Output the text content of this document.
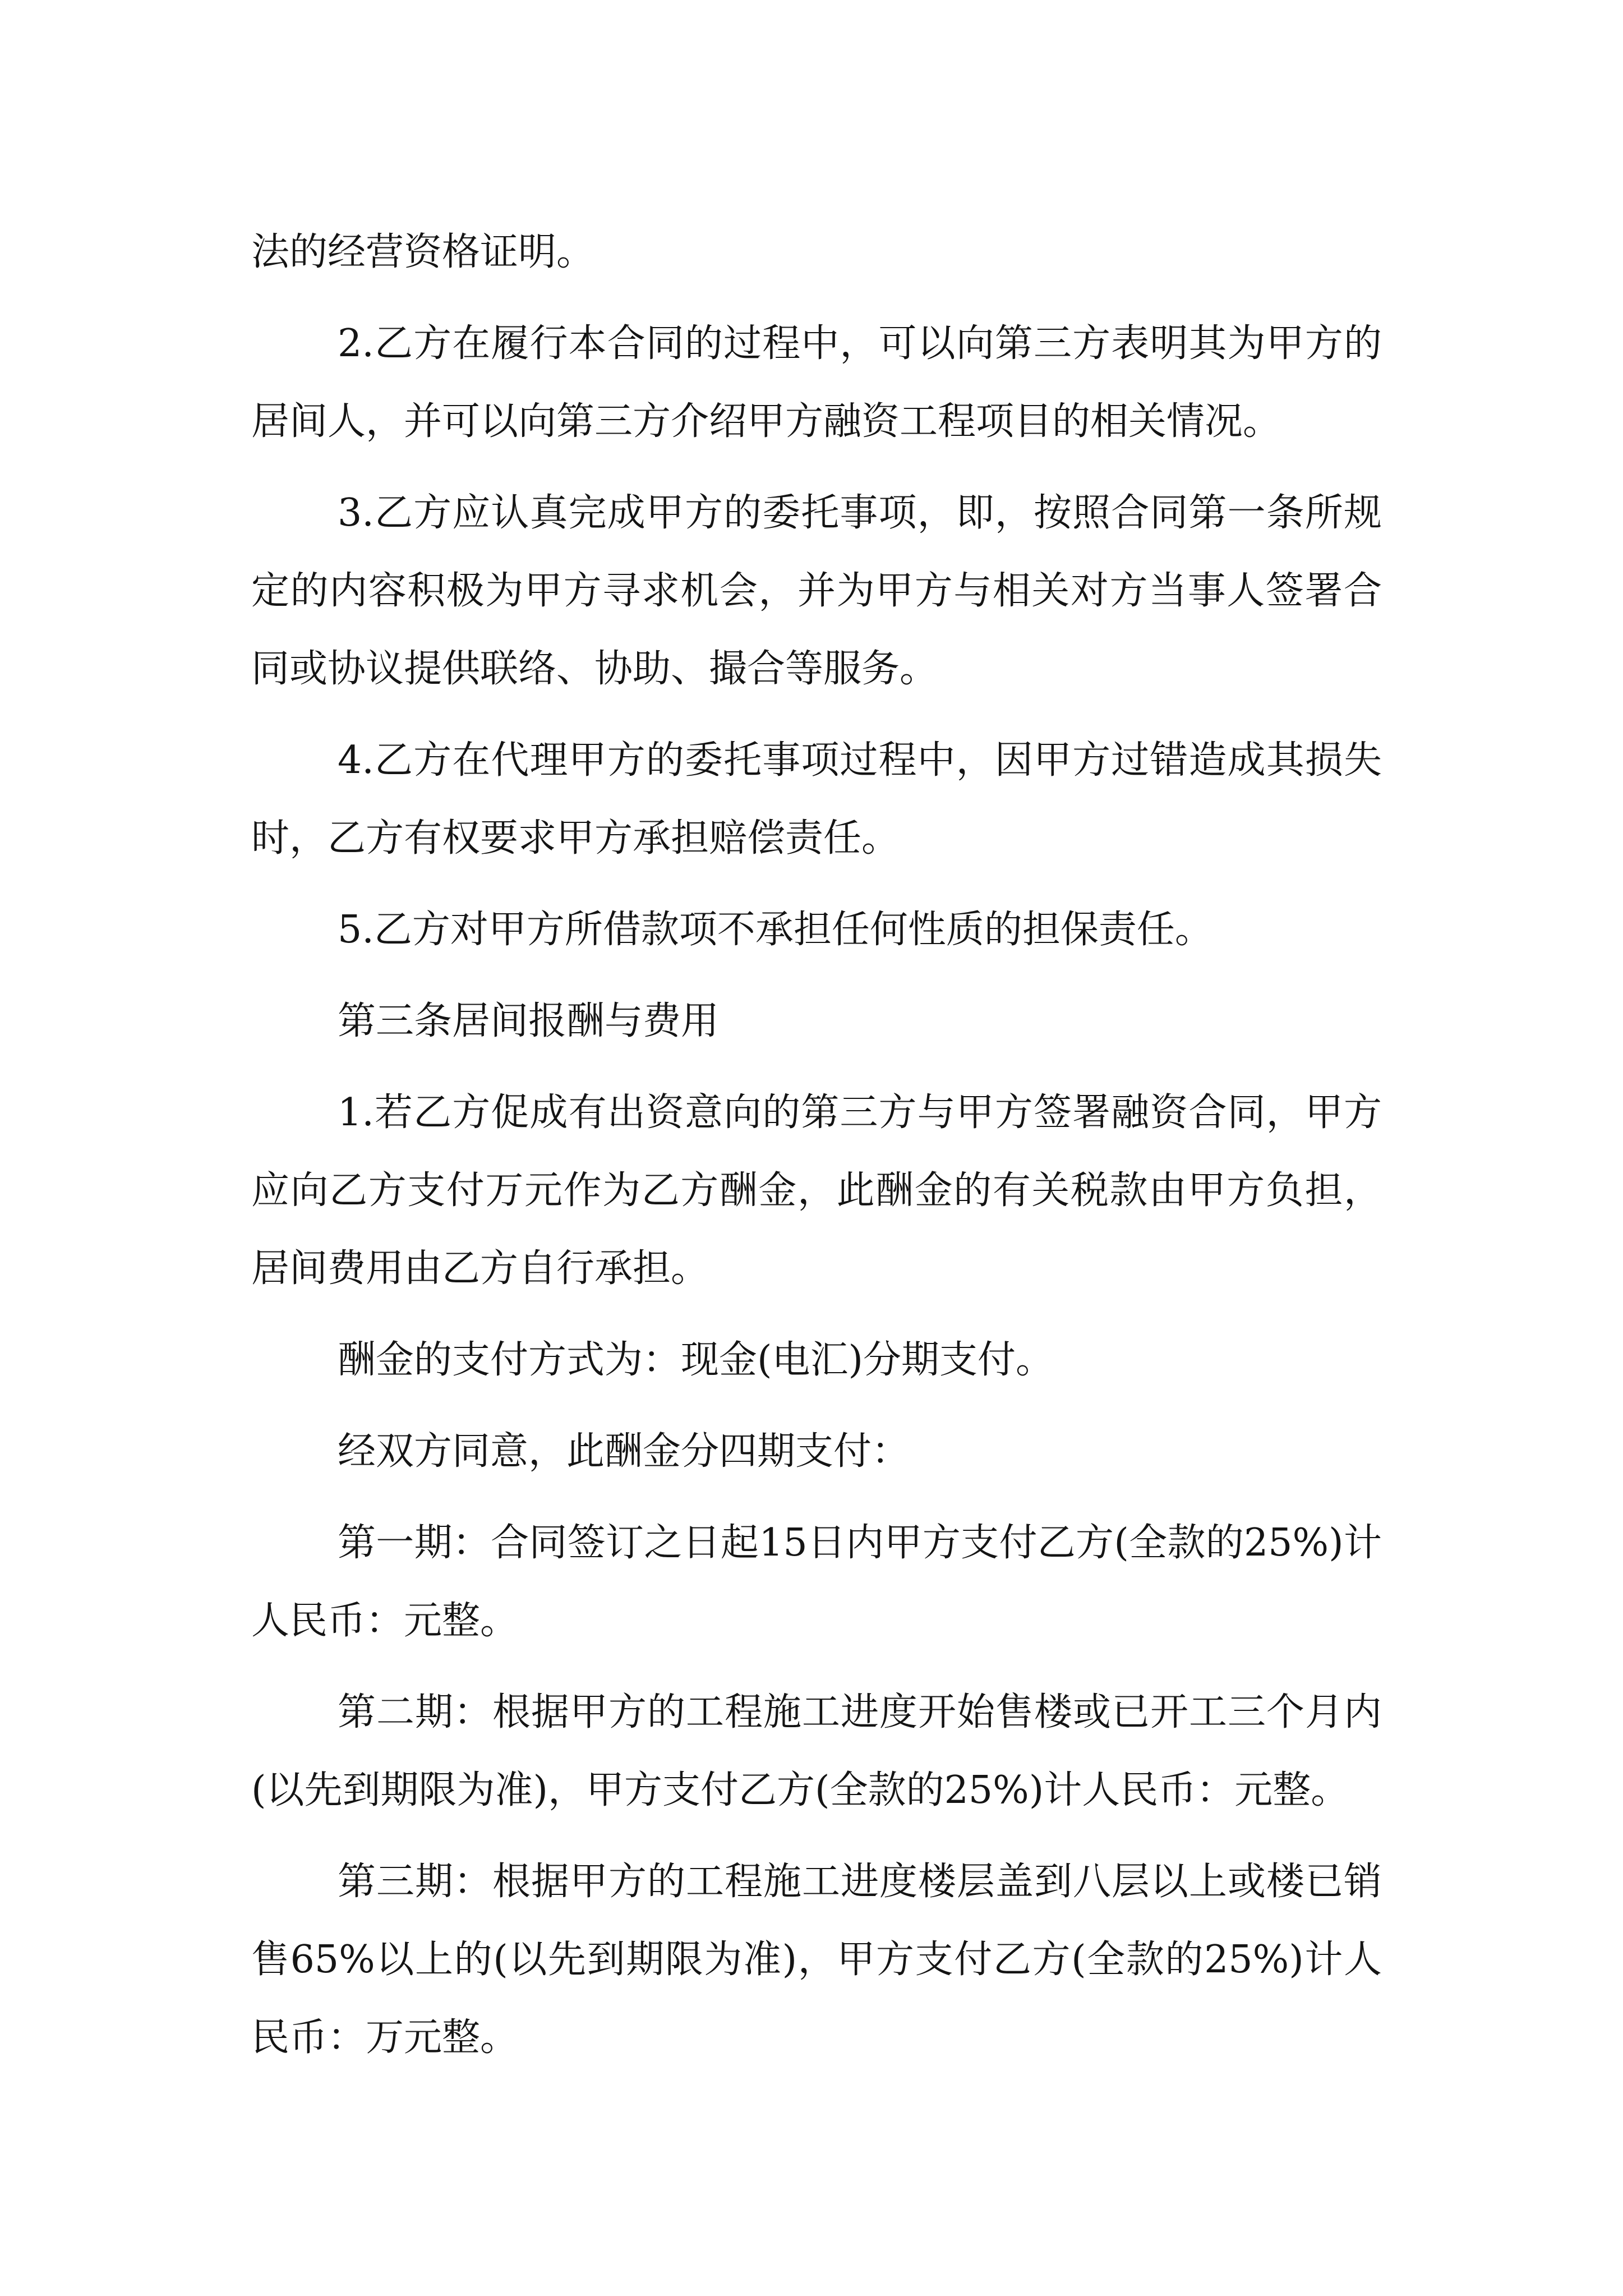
法的经营资格证明。

2.乙方在履行本合同的过程中，可以向第三方表明其为甲方的居间人，并可以向第三方介绍甲方融资工程项目的相关情况。

3.乙方应认真完成甲方的委托事项，即，按照合同第一条所规定的内容积极为甲方寻求机会，并为甲方与相关对方当事人签署合同或协议提供联络、协助、撮合等服务。

4.乙方在代理甲方的委托事项过程中，因甲方过错造成其损失时，乙方有权要求甲方承担赔偿责任。

5.乙方对甲方所借款项不承担任何性质的担保责任。

第三条居间报酬与费用

1.若乙方促成有出资意向的第三方与甲方签署融资合同，甲方应向乙方支付万元作为乙方酬金，此酬金的有关税款由甲方负担，居间费用由乙方自行承担。

酬金的支付方式为：现金(电汇)分期支付。

经双方同意，此酬金分四期支付：

第一期：合同签订之日起15日内甲方支付乙方(全款的25%)计人民币：元整。

第二期：根据甲方的工程施工进度开始售楼或已开工三个月内(以先到期限为准)，甲方支付乙方(全款的25%)计人民币：元整。

第三期：根据甲方的工程施工进度楼层盖到八层以上或楼已销售65%以上的(以先到期限为准)，甲方支付乙方(全款的25%)计人民币：万元整。
